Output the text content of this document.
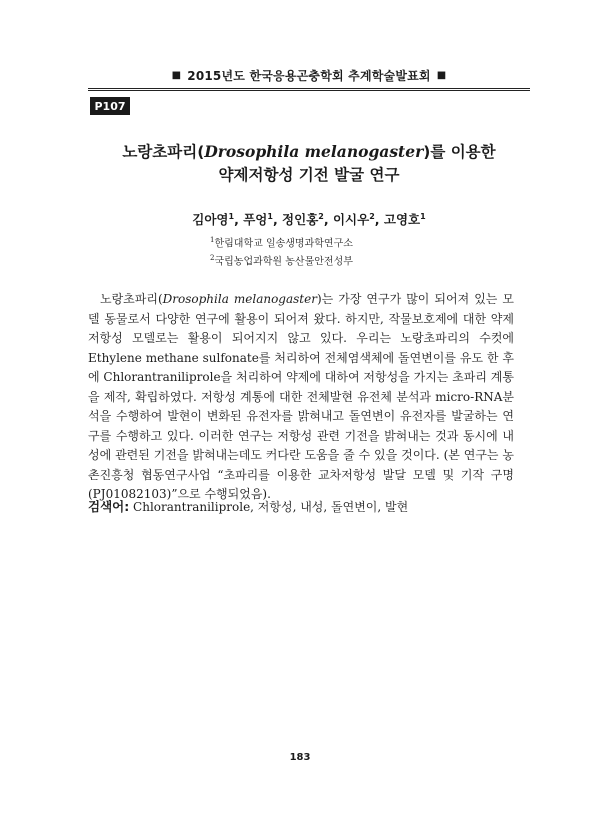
■ 2015년도 한국응용곤충학회 추계학술발표회 ■
P107
노랑초파리(Drosophila melanogaster)를 이용한
약제저항성 기전 발굴 연구
김아영$^1$, 푸엉$^1$, 정인홍$^2$, 이시우$^2$, 고영호$^1$
$^1$한림대학교 일송생명과학연구소
$^2$국립농업과학원 농산물안전성부

노랑초파리(Drosophila melanogaster)는 가장 연구가 많이 되어져 있는 모델 동물로서 다양한 연구에 활용이 되어져 왔다. 하지만, 작물보호제에 대한 약제 저항성 모델로는 활용이 되어지지 않고 있다. 우리는 노랑초파리의 수컷에 Ethylene methane sulfonate를 처리하여 전체염색체에 돌연변이를 유도 한 후에 Chlorantraniliprole을 처리하여 약제에 대하여 저항성을 가지는 초파리 계통을 제작, 확립하였다. 저항성 계통에 대한 전체발현 유전체 분석과 micro-RNA분석을 수행하여 발현이 변화된 유전자를 밝혀내고 돌연변이 유전자를 발굴하는 연구를 수행하고 있다. 이러한 연구는 저항성 관련 기전을 밝혀내는 것과 동시에 내성에 관련된 기전을 밝혀내는데도 커다란 도움을 줄 수 있을 것이다. (본 연구는 농촌진흥청 협동연구사업 “초파리를 이용한 교차저항성 발달 모델 및 기작 구명(PJ01082103)”으로 수행되었음).

검색어: Chlorantraniliprole, 저항성, 내성, 돌연변이, 발현
183
